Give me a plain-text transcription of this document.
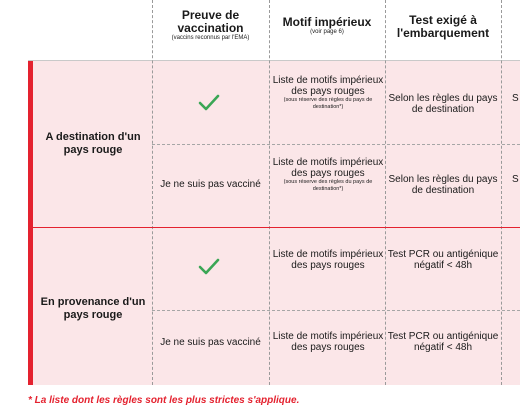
Preuve de vaccination
(vaccins reconnus par l'EMA)
Motif impérieux
(voir page 6)
Test exigé à l'embarquement
A destination d'un pays rouge
En provenance d'un pays rouge
Liste de motifs impérieux des pays rouges
(sous réserve des règles du pays de destination*)
Selon les règles du pays de destination
S
Je ne suis pas vacciné
Liste de motifs impérieux des pays rouges
(sous réserve des règles du pays de destination*)
Selon les règles du pays de destination
S
Liste de motifs impérieux des pays rouges
Test PCR ou antigénique négatif < 48h
Je ne suis pas vacciné
Liste de motifs impérieux des pays rouges
Test PCR ou antigénique négatif < 48h
* La liste dont les règles sont les plus strictes s'applique.
